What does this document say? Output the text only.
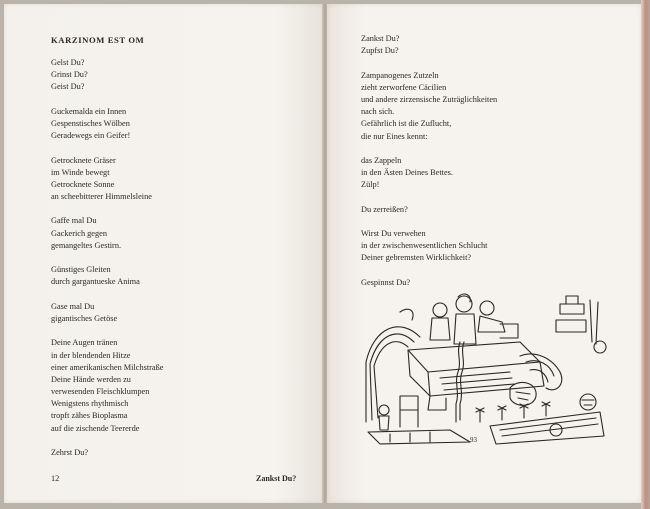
KARZINOM EST OM
Gelst Du?
Grinst Du?
Geist Du?
Guckemalda ein Innen
Gespenstisches Wölben
Geradewegs ein Geifer!
Getrocknete Gräser
im Winde bewegt
Getrocknete Sonne
an scheebitterer Himmelsleine
Gaffe mal Du
Gackerich gegen
gemangeltes Gestirn.
Günstiges Gleiten
durch gargantueske Anima
Gase mal Du
gigantisches Getöse
Deine Augen tränen
in der blendenden Hitze
einer amerikanischen Milchstraße
Deine Hände werden zu
verwesenden Fleischklumpen
Wenigstens rhythmisch
tropft zähes Bioplasma
auf die zischende Teererde
Zehrst Du?
Zankst Du?
Zupfst Du?
Zampanogenes Zutzeln
zieht zerworfene Cäcilien
und andere zirzensische Zuträglichkeiten
nach sich.
Gefährlich ist die Zuflucht,
die nur Eines kennt:
das Zappeln
in den Ästen Deines Bettes.
Zülp!
Du zerreißen?
Wirst Du verwehen
in der zwischenwesentlichen Schlucht
Deiner gebremsten Wirklichkeit?
Gespinnst Du?
12	Zankst Du?
93
